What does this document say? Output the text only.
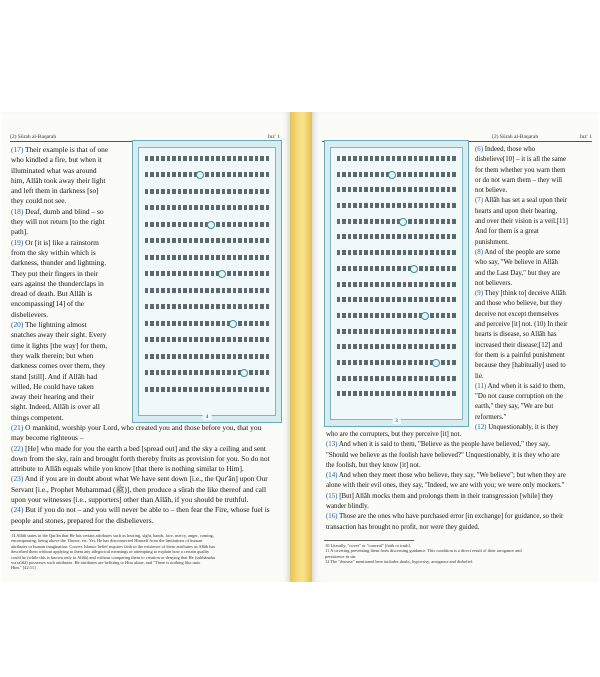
(2) Sūrah al-Baqarah	Juz' 1
(17) Their example is that of one
who kindled a fire, but when it
illuminated what was around
him, Allāh took away their light
and left them in darkness [so]
they could not see.
(18) Deaf, dumb and blind – so
they will not return [to the right
path].
(19) Or [it is] like a rainstorm
from the sky within which is
darkness, thunder and lightning.
They put their fingers in their
ears against the thunderclaps in
dread of death. But Allāh is
encompassing[14] of the
disbelievers.
(20) The lightning almost
snatches away their sight. Every
time it lights [the way] for them,
they walk therein; but when
darkness comes over them, they
stand [still]. And if Allāh had
willed, He could have taken
away their hearing and their
sight. Indeed, Allāh is over all
things competent.	4
(21) O mankind, worship your Lord, who created you and those before you, that you
may become righteous –
(22) [He] who made for you the earth a bed [spread out] and the sky a ceiling and sent
down from the sky, rain and brought forth thereby fruits as provision for you. So do not
attribute to Allāh equals while you know [that there is nothing similar to Him].
(23) And if you are in doubt about what We have sent down [i.e., the Qur'ān] upon Our
Servant [i.e., Prophet Muhammad (ﷺ)], then produce a sūrah the like thereof and call
upon your witnesses [i.e., supporters] other than Allāh, if you should be truthful.
(24) But if you do not – and you will never be able to – then fear the Fire, whose fuel is
people and stones, prepared for the disbelievers.
14 Allāh states in the Qur'ān that He has certain attributes such as hearing, sight, hands, face, mercy, anger, coming,
encompassing, being above the Throne, etc. Yet, He has disconnected Himself from the limitations of human
attributes or human imagination. Correct Islamic belief requires faith in the existence of these attributes as Allāh has
described them without applying to them any allegorical meanings or attempting to explain how a certain quality
could be (while this is known only to Allāh) and without comparing them to creation or denying that He (subhānahu
wa ta'ālā) possesses such attributes. He attributes are befitting to Him alone, and "There is nothing like unto
Him." [42:11]
Juz' 1
(2) Sūrah al-Baqarah
3
(6) Indeed, those who
disbelieve[10] – it is all the same
for them whether you warn them
or do not warn them – they will
not believe.
(7) Allāh has set a seal upon their
hearts and upon their hearing,
and over their vision is a veil.[11]
And for them is a great
punishment.
(8) And of the people are some
who say, "We believe in Allāh
and the Last Day," but they are
not believers.
(9) They [think to] deceive Allāh
and those who believe, but they
deceive not except themselves
and perceive [it] not. (10) In their
hearts is disease, so Allāh has
increased their disease;[12] and
for them is a painful punishment
because they [habitually] used to
lie.
(11) And when it is said to them,
"Do not cause corruption on the
earth," they say, "We are but
reformers."
(12) Unquestionably, it is they
who are the corrupters, but they perceive [it] not.
(13) And when it is said to them, "Believe as the people have believed," they say,
"Should we believe as the foolish have believed?" Unquestionably, it is they who are
the foolish, but they know [it] not.
(14) And when they meet those who believe, they say, "We believe"; but when they are
alone with their evil ones, they say, "Indeed, we are with you; we were only mockers."
(15) [But] Allāh mocks them and prolongs them in their transgression [while] they
wander blindly.
(16) Those are the ones who have purchased error [in exchange] for guidance, so their
transaction has brought no profit, nor were they guided.
10 Literally, "cover" or "conceal" [faith or truth].
11 A covering preventing them from discerning guidance. This condition is a direct result of their arrogance and
persistence in sin.
12 The "disease" mentioned here includes doubt, hypocrisy, arrogance and disbelief.
